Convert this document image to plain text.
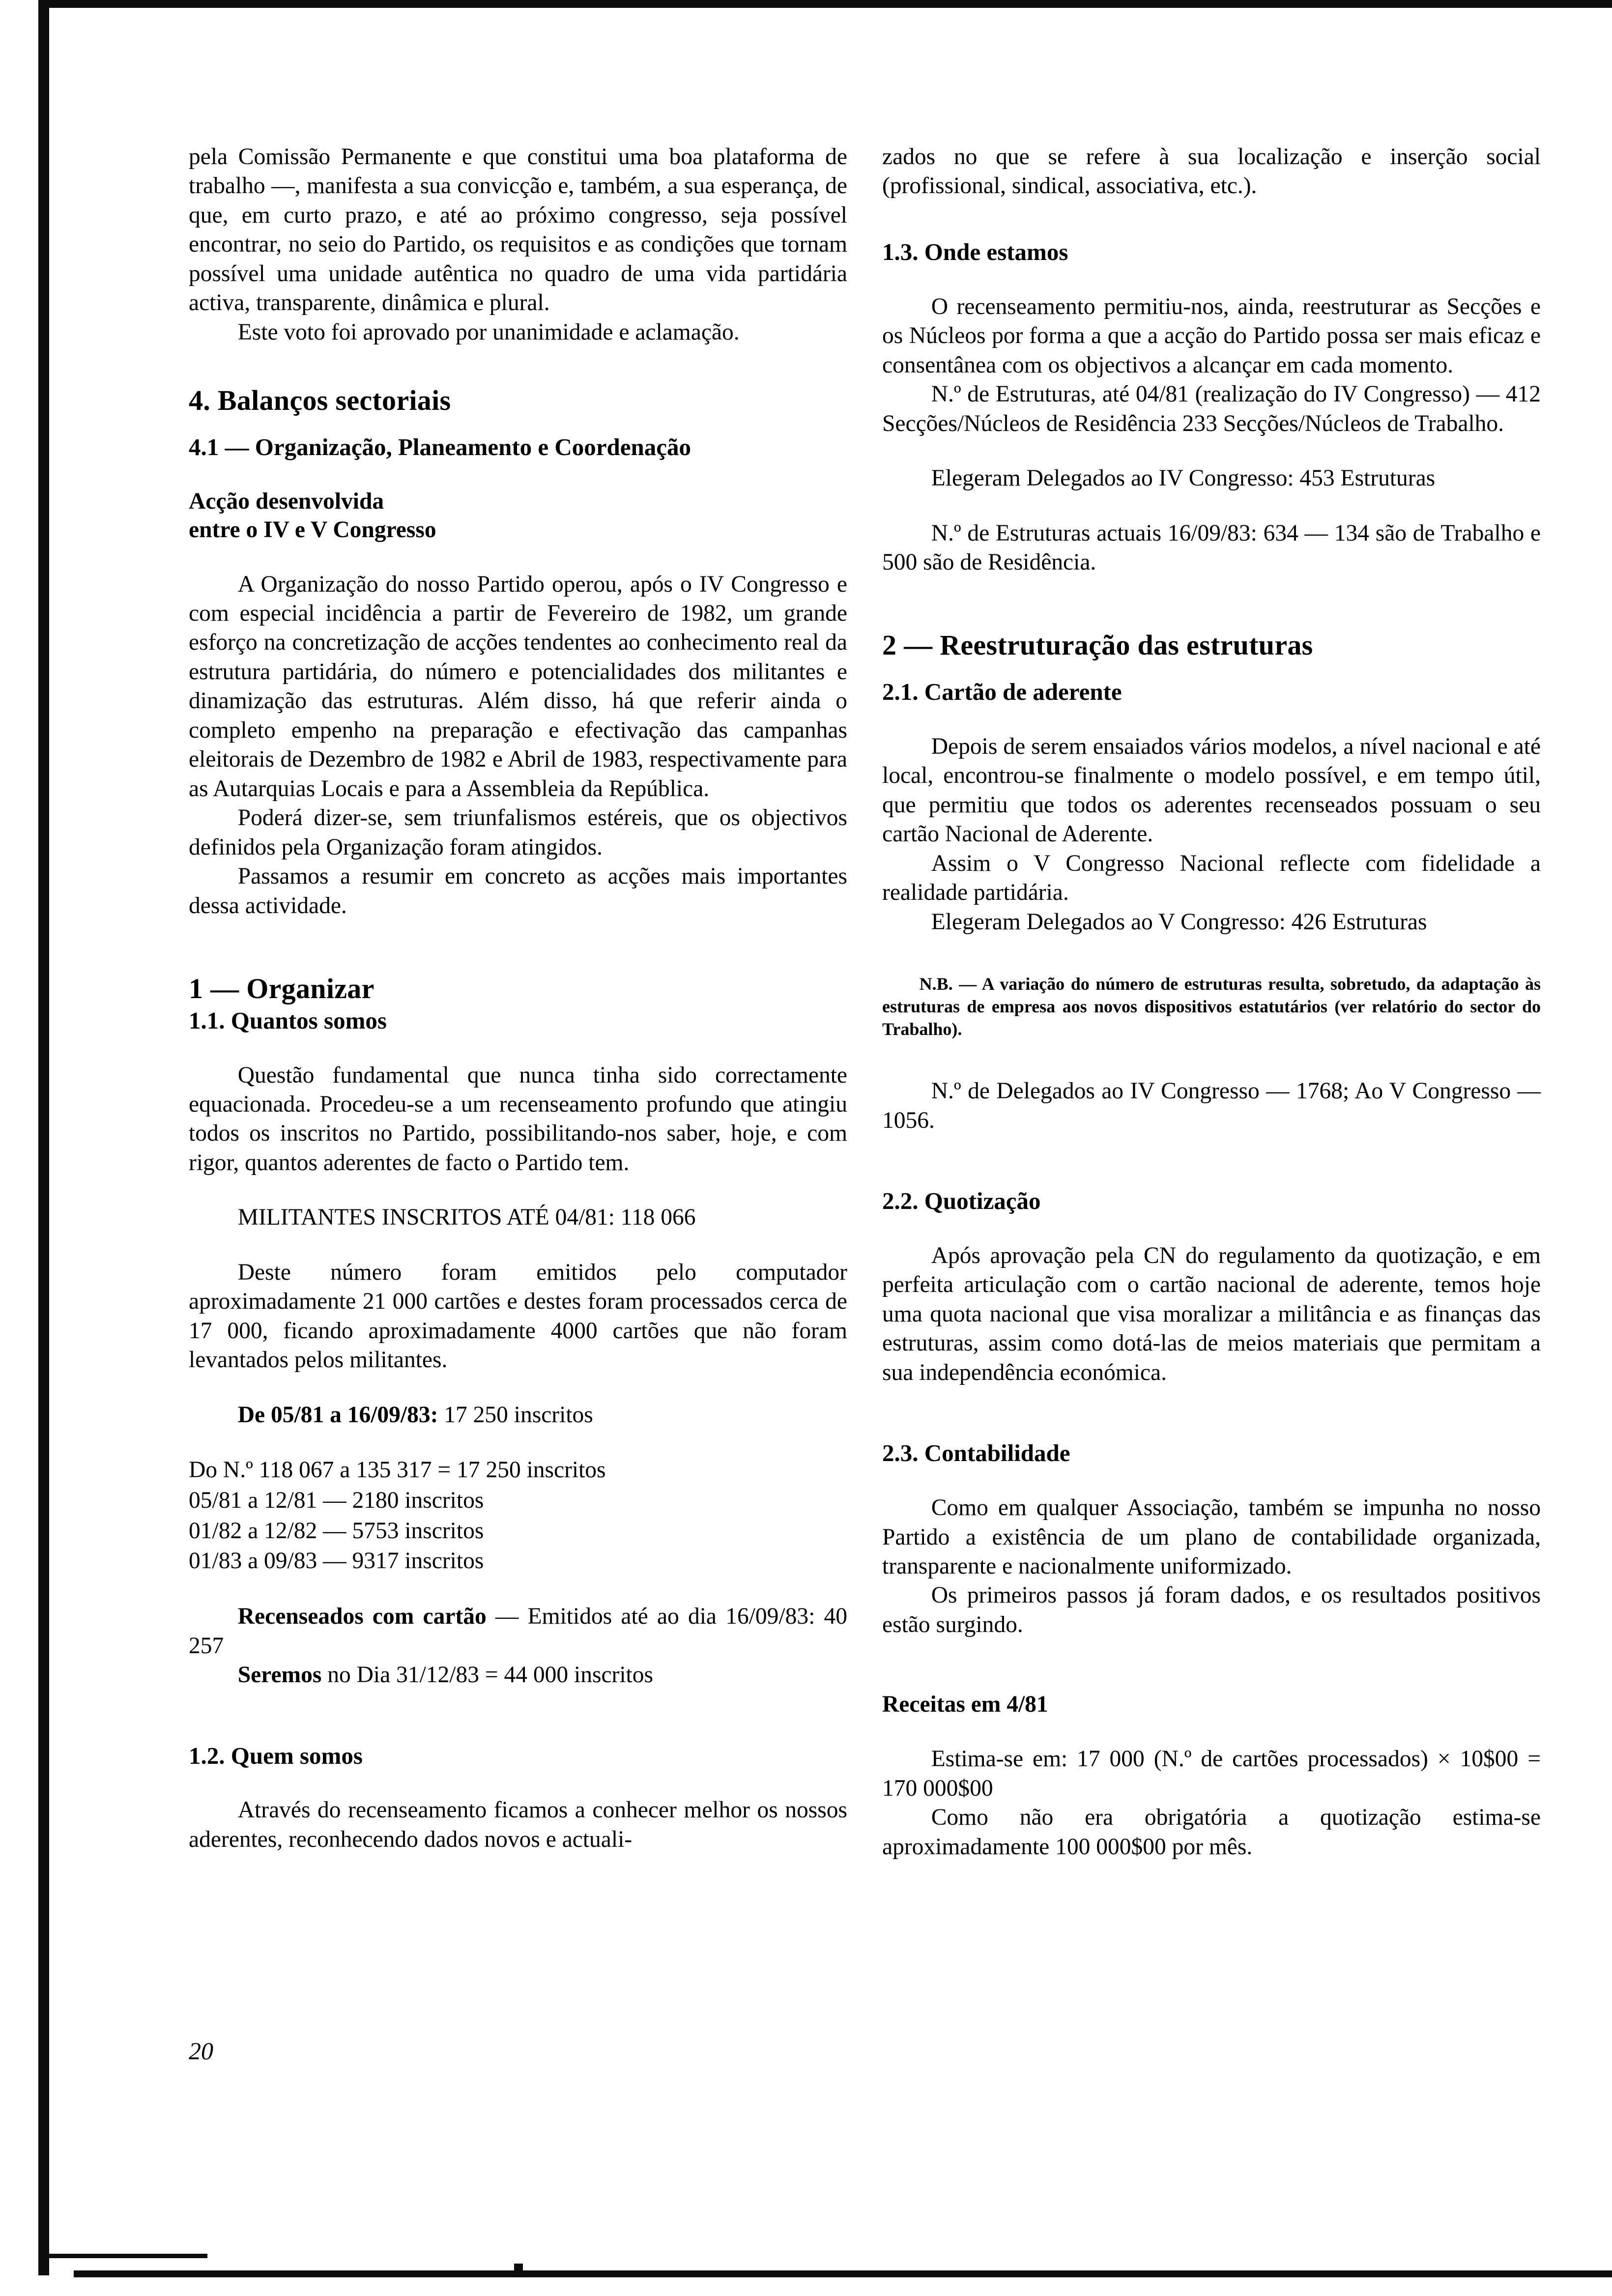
pela Comissão Permanente e que constitui uma boa plataforma de trabalho —, manifesta a sua convicção e, também, a sua esperança, de que, em curto prazo, e até ao próximo congresso, seja possível encontrar, no seio do Partido, os requisitos e as condições que tornam possível uma unidade autêntica no quadro de uma vida partidária activa, transparente, dinâmica e plural.

Este voto foi aprovado por unanimidade e aclamação.

4. Balanços sectoriais
4.1 — Organização, Planeamento e Coordenação
Acção desenvolvida
entre o IV e V Congresso

A Organização do nosso Partido operou, após o IV Congresso e com especial incidência a partir de Fevereiro de 1982, um grande esforço na concretização de acções tendentes ao conhecimento real da estrutura partidária, do número e potencialidades dos militantes e dinamização das estruturas. Além disso, há que referir ainda o completo empenho na preparação e efectivação das campanhas eleitorais de Dezembro de 1982 e Abril de 1983, respectivamente para as Autarquias Locais e para a Assembleia da República.

Poderá dizer-se, sem triunfalismos estéreis, que os objectivos definidos pela Organização foram atingidos.

Passamos a resumir em concreto as acções mais importantes dessa actividade.

1 — Organizar
1.1. Quantos somos

Questão fundamental que nunca tinha sido correctamente equacionada. Procedeu-se a um recenseamento profundo que atingiu todos os inscritos no Partido, possibilitando-nos saber, hoje, e com rigor, quantos aderentes de facto o Partido tem.

MILITANTES INSCRITOS ATÉ 04/81: 118 066

Deste número foram emitidos pelo computador aproximadamente 21 000 cartões e destes foram processados cerca de 17 000, ficando aproximadamente 4000 cartões que não foram levantados pelos militantes.

De 05/81 a 16/09/83: 17 250 inscritos

Do N.º 118 067 a 135 317 = 17 250 inscritos

05/81 a 12/81 — 2180 inscritos

01/82 a 12/82 — 5753 inscritos

01/83 a 09/83 — 9317 inscritos

Recenseados com cartão — Emitidos até ao dia 16/09/83: 40 257

Seremos no Dia 31/12/83 = 44 000 inscritos

1.2. Quem somos

Através do recenseamento ficamos a conhecer melhor os nossos aderentes, reconhecendo dados novos e actuali-

zados no que se refere à sua localização e inserção social (profissional, sindical, associativa, etc.).

1.3. Onde estamos

O recenseamento permitiu-nos, ainda, reestruturar as Secções e os Núcleos por forma a que a acção do Partido possa ser mais eficaz e consentânea com os objectivos a alcançar em cada momento.

N.º de Estruturas, até 04/81 (realização do IV Congresso) — 412 Secções/Núcleos de Residência 233 Secções/Núcleos de Trabalho.

Elegeram Delegados ao IV Congresso: 453 Estruturas

N.º de Estruturas actuais 16/09/83: 634 — 134 são de Trabalho e 500 são de Residência.

2 — Reestruturação das estruturas
2.1. Cartão de aderente

Depois de serem ensaiados vários modelos, a nível nacional e até local, encontrou-se finalmente o modelo possível, e em tempo útil, que permitiu que todos os aderentes recenseados possuam o seu cartão Nacional de Aderente.

Assim o V Congresso Nacional reflecte com fidelidade a realidade partidária.

Elegeram Delegados ao V Congresso: 426 Estruturas

N.B. — A variação do número de estruturas resulta, sobretudo, da adaptação às estruturas de empresa aos novos dispositivos estatutários (ver relatório do sector do Trabalho).

N.º de Delegados ao IV Congresso — 1768; Ao V Congresso — 1056.

2.2. Quotização

Após aprovação pela CN do regulamento da quotização, e em perfeita articulação com o cartão nacional de aderente, temos hoje uma quota nacional que visa moralizar a militância e as finanças das estruturas, assim como dotá-las de meios materiais que permitam a sua independência económica.

2.3. Contabilidade

Como em qualquer Associação, também se impunha no nosso Partido a existência de um plano de contabilidade organizada, transparente e nacionalmente uniformizado.

Os primeiros passos já foram dados, e os resultados positivos estão surgindo.

Receitas em 4/81

Estima-se em: 17 000 (N.º de cartões processados) × 10$00 = 170 000$00

Como não era obrigatória a quotização estima-se aproximadamente 100 000$00 por mês.

20
